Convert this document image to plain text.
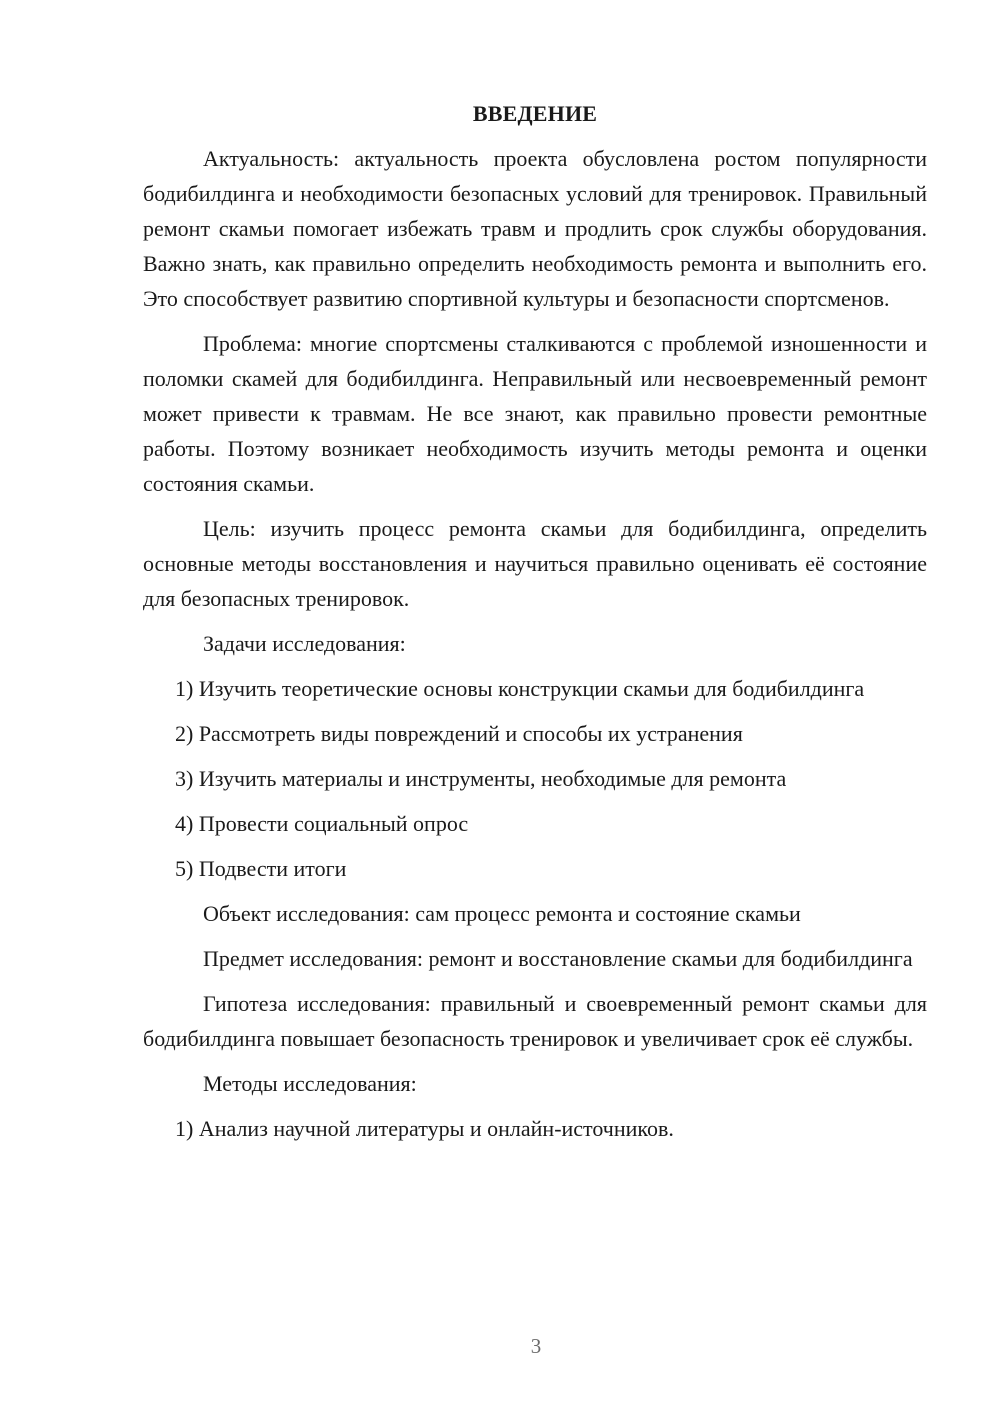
ВВЕДЕНИЕ

Актуальность: актуальность проекта обусловлена ростом популярности бодибилдинга и необходимости безопасных условий для тренировок. Правильный ремонт скамьи помогает избежать травм и продлить срок службы оборудования. Важно знать, как правильно определить необходимость ремонта и выполнить его. Это способствует развитию спортивной культуры и безопасности спортсменов.

Проблема: многие спортсмены сталкиваются с проблемой изношенности и поломки скамей для бодибилдинга. Неправильный или несвоевременный ремонт может привести к травмам. Не все знают, как правильно провести ремонтные работы. Поэтому возникает необходимость изучить методы ремонта и оценки состояния скамьи.

Цель: изучить процесс ремонта скамьи для бодибилдинга, определить основные методы восстановления и научиться правильно оценивать её состояние для безопасных тренировок.

Задачи исследования:

1) Изучить теоретические основы конструкции скамьи для бодибилдинга

2) Рассмотреть виды повреждений и способы их устранения

3) Изучить материалы и инструменты, необходимые для ремонта

4) Провести социальный опрос

5) Подвести итоги

Объект исследования: сам процесс ремонта и состояние скамьи

Предмет исследования: ремонт и восстановление скамьи для бодибилдинга

Гипотеза исследования: правильный и своевременный ремонт скамьи для бодибилдинга повышает безопасность тренировок и увеличивает срок её службы.

Методы исследования:

1) Анализ научной литературы и онлайн-источников.

3
